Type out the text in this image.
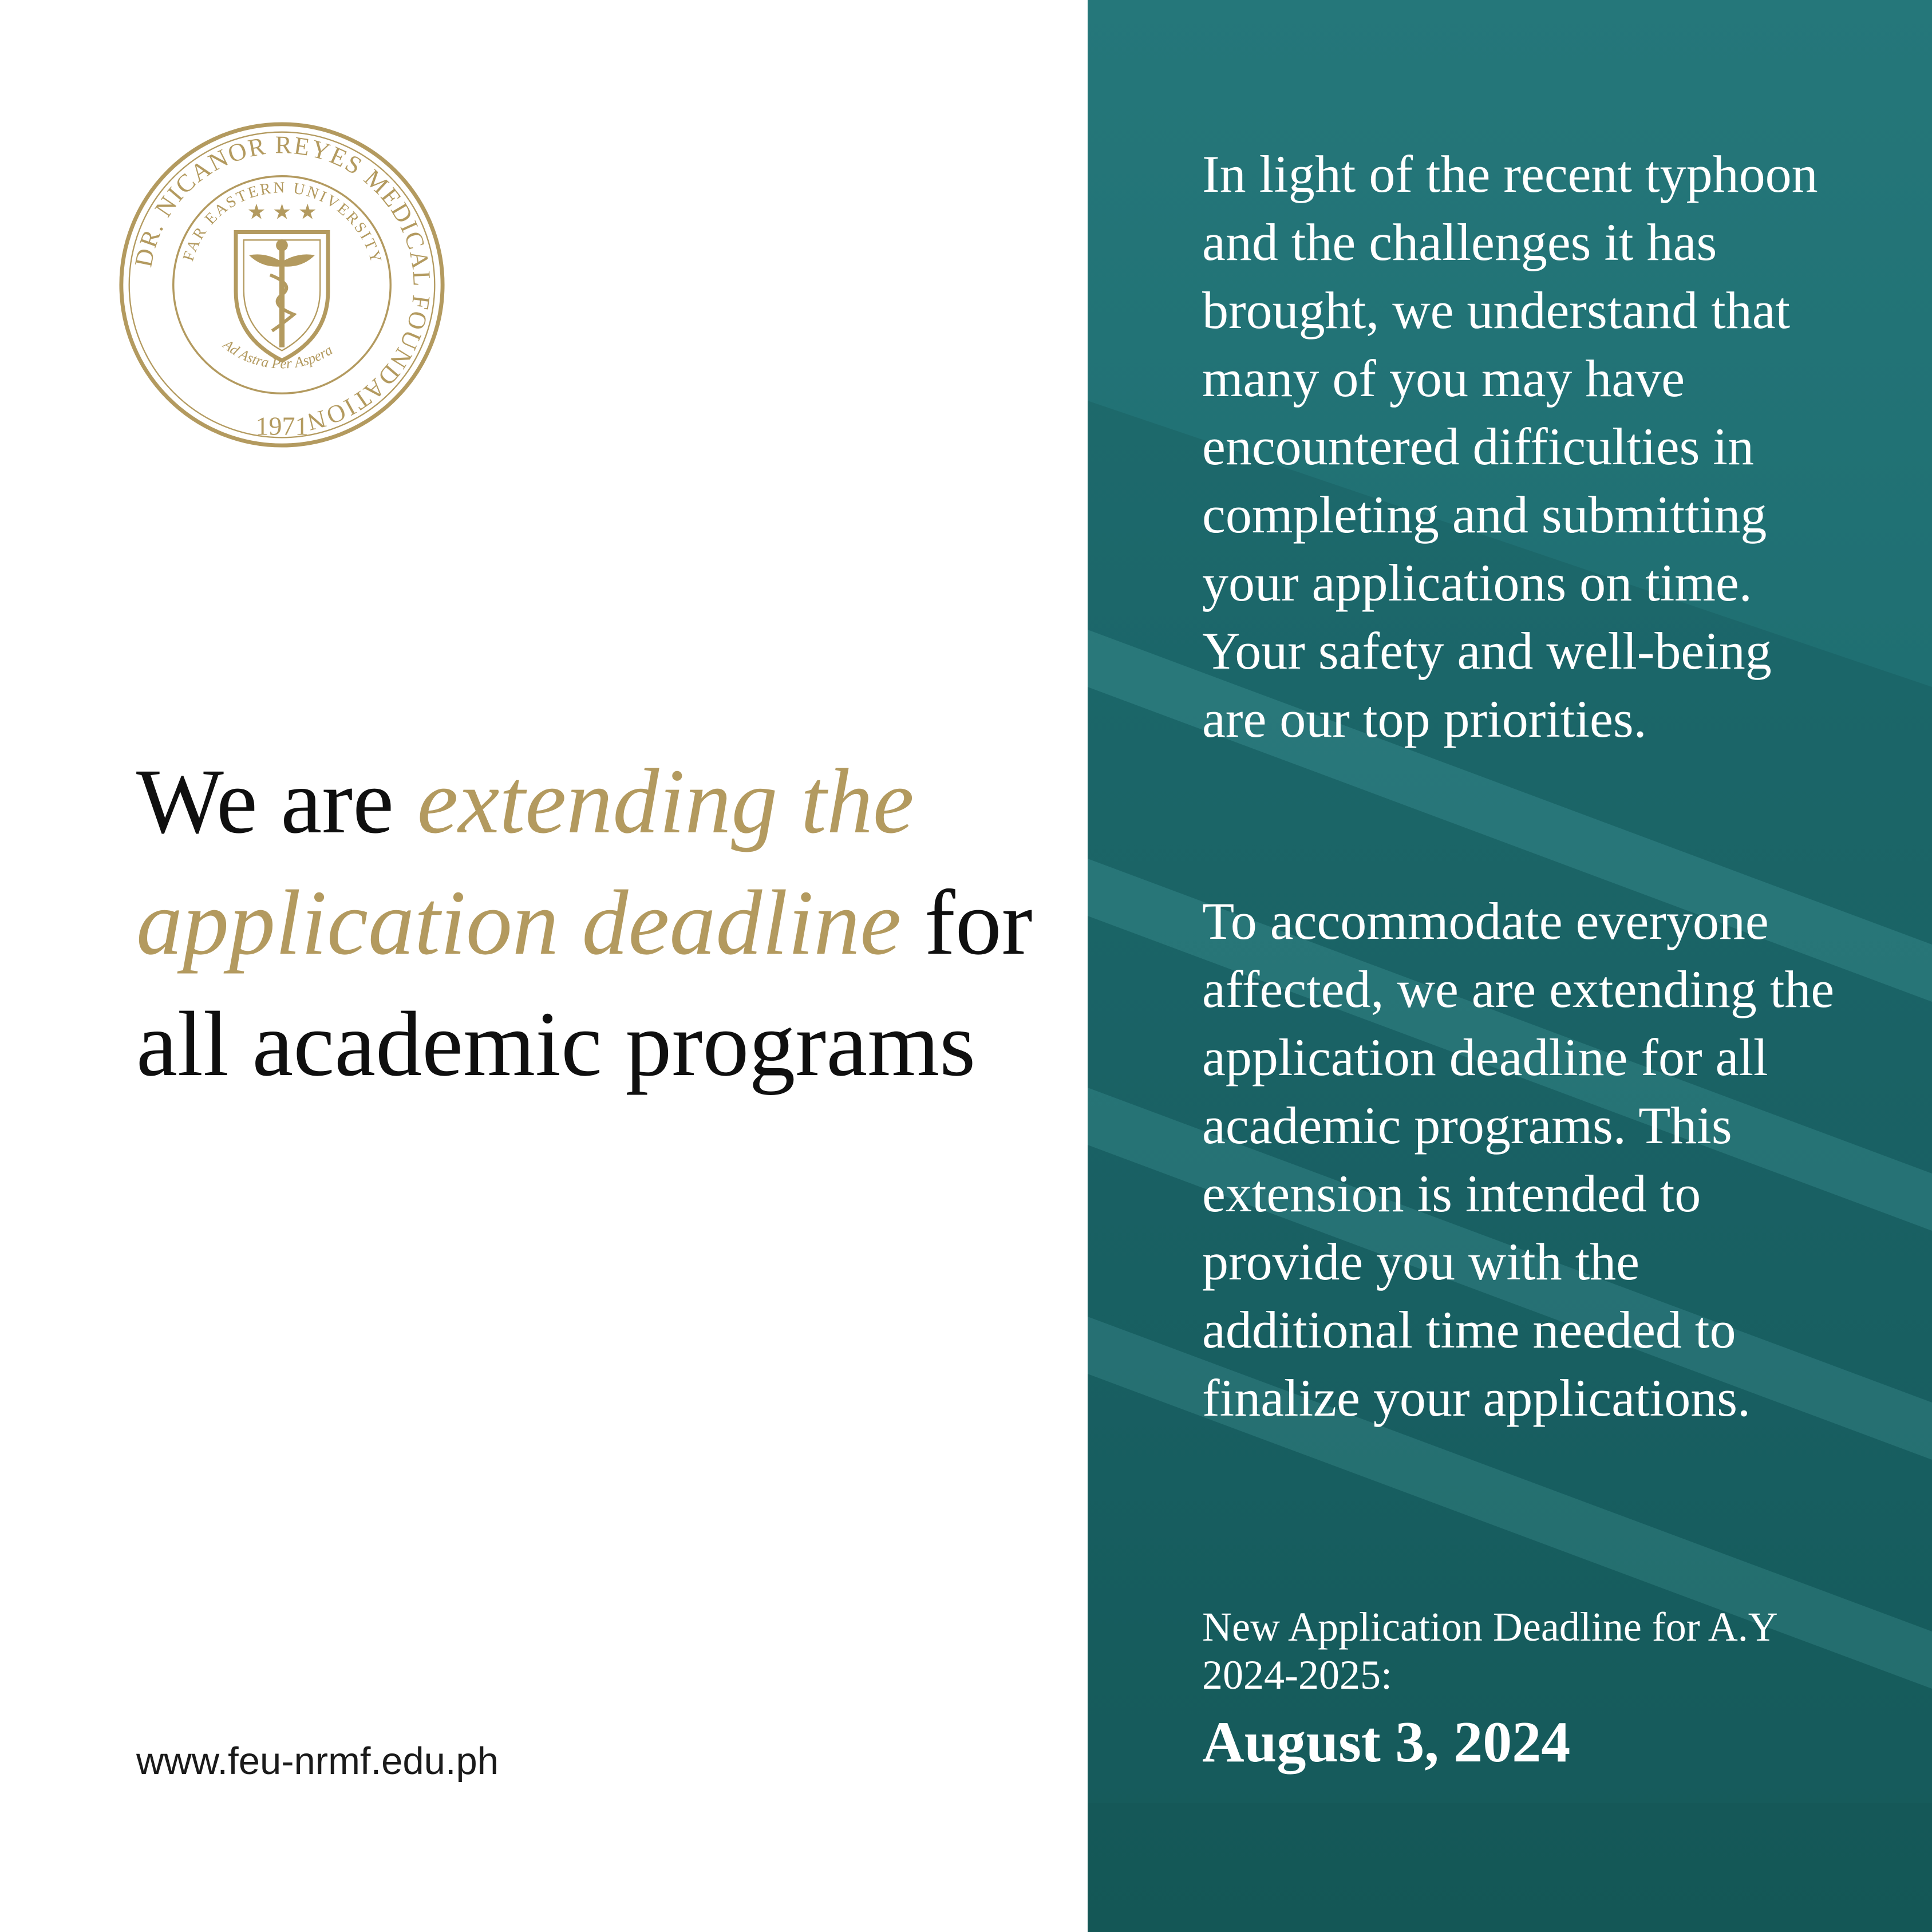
DR. NICANOR REYES MEDICAL FOUNDATION
FAR EASTERN UNIVERSITY
Ad Astra Per Aspera
1971
★ ★ ★
We are extending the application deadline for all academic programs
www.feu-nrmf.edu.ph

In light of the recent typhoon and the challenges it has brought, we understand that many of you may have encountered difficulties in completing and submitting your applications on time. Your safety and well-being are our top priorities.

To accommodate everyone affected, we are extending the application deadline for all academic programs. This extension is intended to provide you with the additional time needed to finalize your applications.

New Application Deadline for A.Y 2024-2025:
August 3, 2024
